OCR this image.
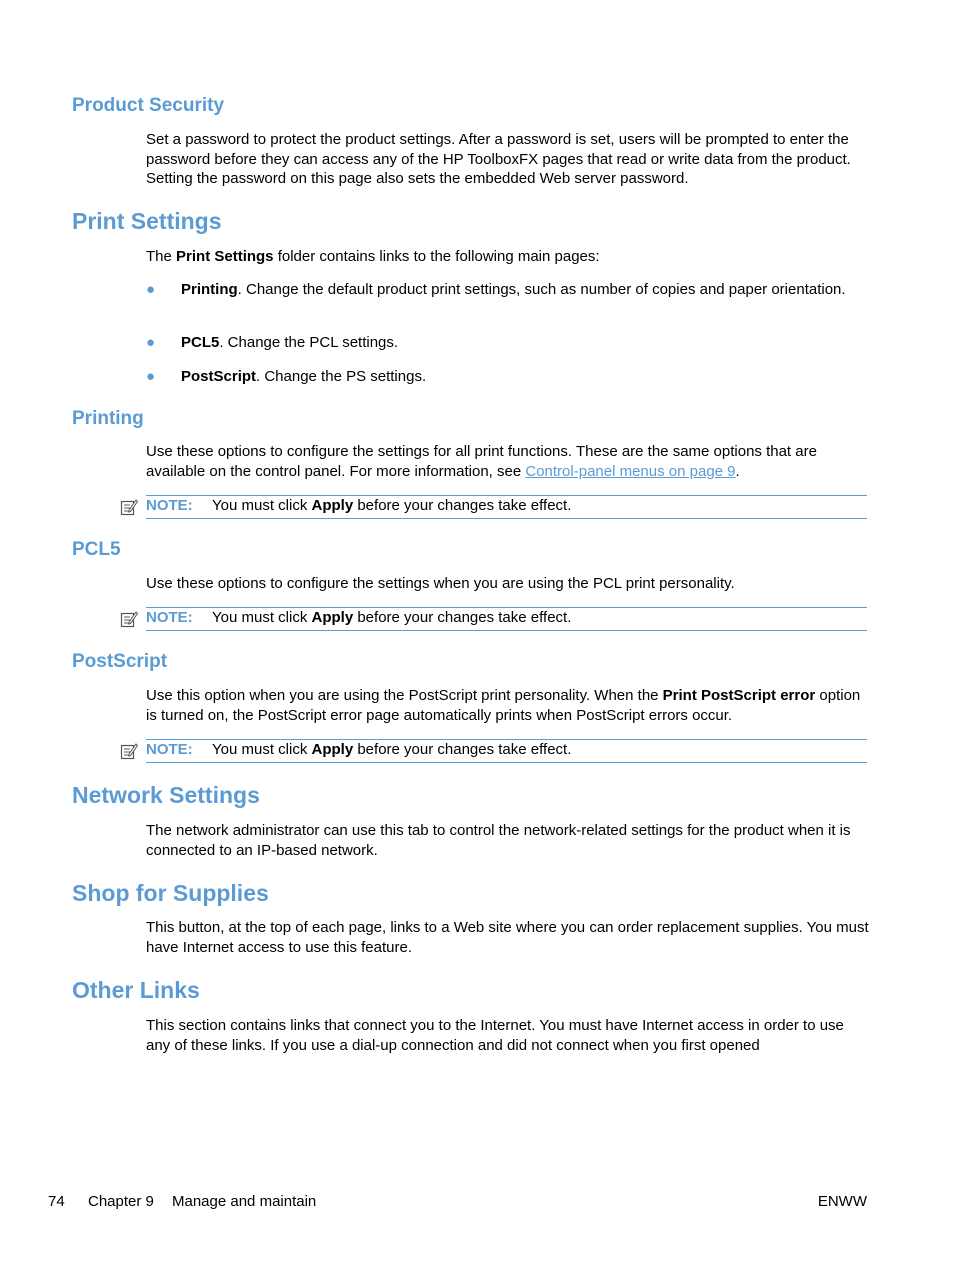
Product Security

Set a password to protect the product settings. After a password is set, users will be prompted to enter the password before they can access any of the HP ToolboxFX pages that read or write data from the product. Setting the password on this page also sets the embedded Web server password.

Print Settings

The Print Settings folder contains links to the following main pages:

● Printing. Change the default product print settings, such as number of copies and paper orientation.
● PCL5. Change the PCL settings.
● PostScript. Change the PS settings.
Printing

Use these options to configure the settings for all print functions. These are the same options that are available on the control panel. For more information, see Control-panel menus on page 9.

NOTE: You must click Apply before your changes take effect.
PCL5

Use these options to configure the settings when you are using the PCL print personality.

NOTE: You must click Apply before your changes take effect.
PostScript

Use this option when you are using the PostScript print personality. When the Print PostScript error option is turned on, the PostScript error page automatically prints when PostScript errors occur.

NOTE: You must click Apply before your changes take effect.
Network Settings

The network administrator can use this tab to control the network-related settings for the product when it is connected to an IP-based network.

Shop for Supplies

This button, at the top of each page, links to a Web site where you can order replacement supplies. You must have Internet access to use this feature.

Other Links

This section contains links that connect you to the Internet. You must have Internet access in order to use any of these links. If you use a dial-up connection and did not connect when you first opened

74 Chapter 9 Manage and maintain	ENWW
